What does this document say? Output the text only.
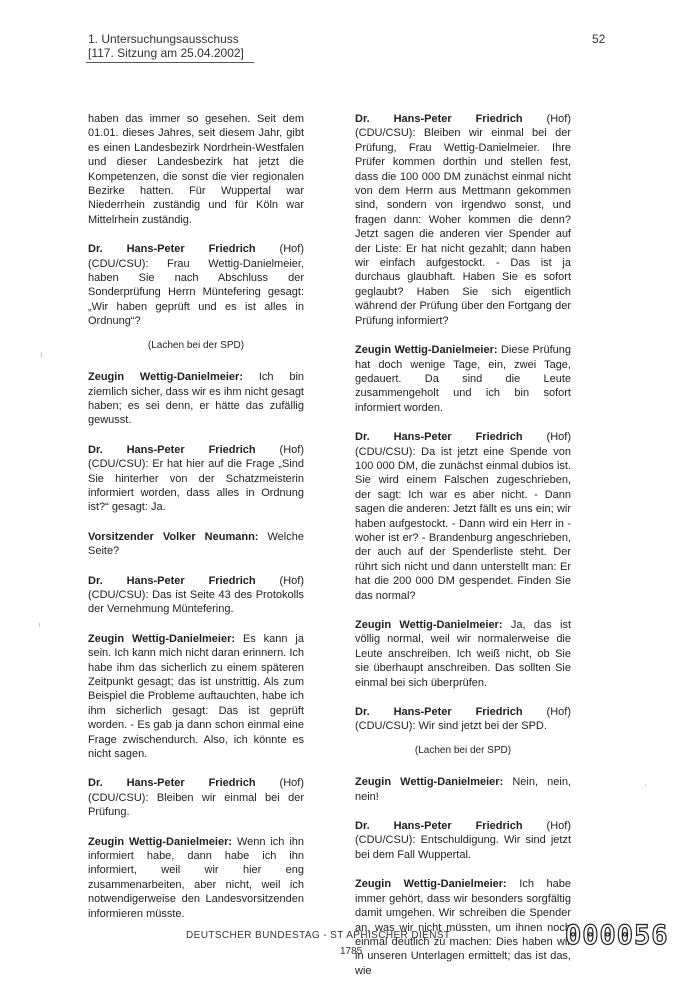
1. Untersuchungsausschuss
[117. Sitzung am 25.04.2002]
52

haben das immer so gesehen. Seit dem 01.01. dieses Jahres, seit diesem Jahr, gibt es einen Landesbezirk Nordrhein-Westfalen und dieser Landesbezirk hat jetzt die Kompetenzen, die sonst die vier regionalen Bezirke hatten. Für Wuppertal war Niederrhein zuständig und für Köln war Mittelrhein zuständig.

Dr. Hans-Peter Friedrich (Hof) (CDU/CSU): Frau Wettig-Danielmeier, haben Sie nach Abschluss der Sonderprüfung Herrn Müntefering gesagt: „Wir haben geprüft und es ist alles in Ordnung“?

(Lachen bei der SPD)

Zeugin Wettig-Danielmeier: Ich bin ziemlich sicher, dass wir es ihm nicht gesagt haben; es sei denn, er hätte das zufällig gewusst.

Dr. Hans-Peter Friedrich (Hof) (CDU/CSU): Er hat hier auf die Frage „Sind Sie hinterher von der Schatzmeisterin informiert worden, dass alles in Ordnung ist?“ gesagt: Ja.

Vorsitzender Volker Neumann: Welche Seite?

Dr. Hans-Peter Friedrich (Hof) (CDU/CSU): Das ist Seite 43 des Protokolls der Vernehmung Müntefering.

Zeugin Wettig-Danielmeier: Es kann ja sein. Ich kann mich nicht daran erinnern. Ich habe ihm das sicherlich zu einem späteren Zeitpunkt gesagt; das ist unstrittig. Als zum Beispiel die Probleme auftauchten, habe ich ihm sicherlich gesagt: Das ist geprüft worden. - Es gab ja dann schon einmal eine Frage zwischendurch. Also, ich könnte es nicht sagen.

Dr. Hans-Peter Friedrich (Hof) (CDU/CSU): Bleiben wir einmal bei der Prüfung.

Zeugin Wettig-Danielmeier: Wenn ich ihn informiert habe, dann habe ich ihn informiert, weil wir hier eng zusammenarbeiten, aber nicht, weil ich notwendigerweise den Landesvorsitzenden informieren müsste.

Dr. Hans-Peter Friedrich (Hof) (CDU/CSU): Bleiben wir einmal bei der Prüfung, Frau Wettig-Danielmeier. Ihre Prüfer kommen dorthin und stellen fest, dass die 100 000 DM zunächst einmal nicht von dem Herrn aus Mettmann gekommen sind, sondern von irgendwo sonst, und fragen dann: Woher kommen die denn? Jetzt sagen die anderen vier Spender auf der Liste: Er hat nicht gezahlt; dann haben wir einfach aufgestockt. - Das ist ja durchaus glaubhaft. Haben Sie es sofort geglaubt? Haben Sie sich eigentlich während der Prüfung über den Fortgang der Prüfung informiert?

Zeugin Wettig-Danielmeier: Diese Prüfung hat doch wenige Tage, ein, zwei Tage, gedauert. Da sind die Leute zusammengeholt und ich bin sofort informiert worden.

Dr. Hans-Peter Friedrich (Hof) (CDU/CSU): Da ist jetzt eine Spende von 100 000 DM, die zunächst einmal dubios ist. Sie wird einem Falschen zugeschrieben, der sagt: Ich war es aber nicht. - Dann sagen die anderen: Jetzt fällt es uns ein; wir haben aufgestockt. - Dann wird ein Herr in - woher ist er? - Brandenburg angeschrieben, der auch auf der Spenderliste steht. Der rührt sich nicht und dann unterstellt man: Er hat die 200 000 DM gespendet. Finden Sie das normal?

Zeugin Wettig-Danielmeier: Ja, das ist völlig normal, weil wir normalerweise die Leute anschreiben. Ich weiß nicht, ob Sie sie überhaupt anschreiben. Das sollten Sie einmal bei sich überprüfen.

Dr. Hans-Peter Friedrich (Hof) (CDU/CSU): Wir sind jetzt bei der SPD.

(Lachen bei der SPD)

Zeugin Wettig-Danielmeier: Nein, nein, nein!

Dr. Hans-Peter Friedrich (Hof) (CDU/CSU): Entschuldigung. Wir sind jetzt bei dem Fall Wuppertal.

Zeugin Wettig-Danielmeier: Ich habe immer gehört, dass wir besonders sorgfältig damit umgehen. Wir schreiben die Spender an, was wir nicht müssten, um ihnen noch einmal deutlich zu machen: Dies haben wir in unseren Unterlagen ermittelt; das ist das, wie

DEUTSCHER BUNDESTAG - ST APHISCHER DIENST
1785
000056
⁾
⁾
·
